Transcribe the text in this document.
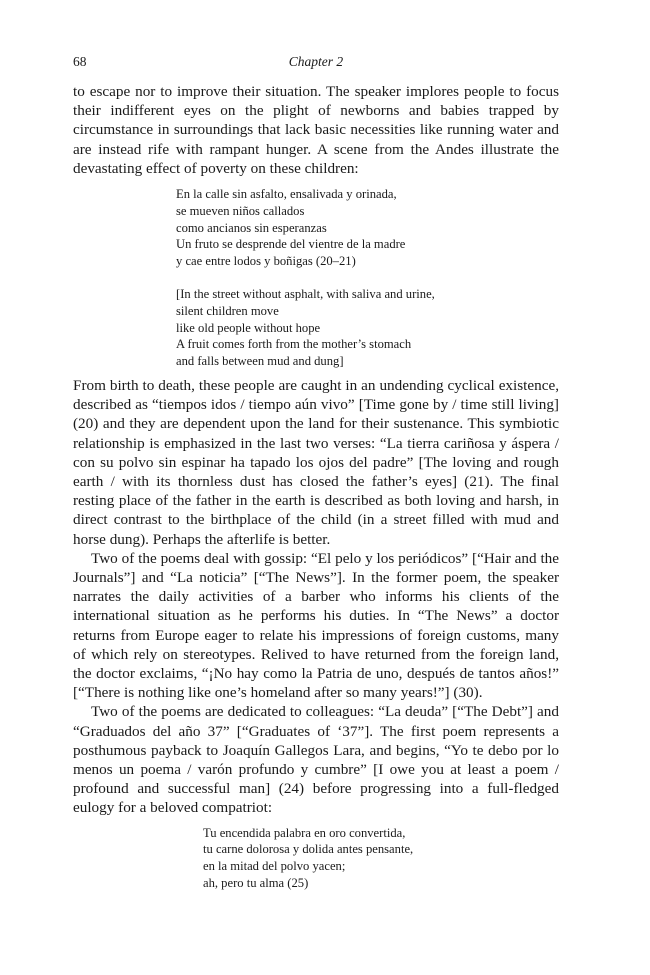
68	Chapter 2

to escape nor to improve their situation. The speaker implores people to focus their indifferent eyes on the plight of newborns and babies trapped by circumstance in surroundings that lack basic necessities like running water and are instead rife with rampant hunger. A scene from the Andes illustrate the devastating effect of poverty on these children:

En la calle sin asfalto, ensalivada y orinada,
se mueven niños callados
como ancianos sin esperanzas
Un fruto se desprende del vientre de la madre
y cae entre lodos y boñigas (20–21)
[In the street without asphalt, with saliva and urine,
silent children move
like old people without hope
A fruit comes forth from the mother’s stomach
and falls between mud and dung]

From birth to death, these people are caught in an undending cyclical existence, described as “tiempos idos / tiempo aún vivo” [Time gone by / time still living] (20) and they are dependent upon the land for their sustenance. This symbiotic relationship is emphasized in the last two verses: “La tierra cariñosa y áspera / con su polvo sin espinar ha tapado los ojos del padre” [The loving and rough earth / with its thornless dust has closed the father’s eyes] (21). The final resting place of the father in the earth is described as both loving and harsh, in direct contrast to the birthplace of the child (in a street filled with mud and horse dung). Perhaps the afterlife is better.

Two of the poems deal with gossip: “El pelo y los periódicos” [“Hair and the Journals”] and “La noticia” [“The News”]. In the former poem, the speaker narrates the daily activities of a barber who informs his clients of the international situation as he performs his duties. In “The News” a doctor returns from Europe eager to relate his impressions of foreign customs, many of which rely on stereotypes. Relived to have returned from the foreign land, the doctor exclaims, “¡No hay como la Patria de uno, después de tantos años!” [“There is nothing like one’s homeland after so many years!”] (30).

Two of the poems are dedicated to colleagues: “La deuda” [“The Debt”] and “Graduados del año 37” [“Graduates of ‘37”]. The first poem represents a posthumous payback to Joaquín Gallegos Lara, and begins, “Yo te debo por lo menos un poema / varón profundo y cumbre” [I owe you at least a poem / profound and successful man] (24) before progressing into a full-fledged eulogy for a beloved compatriot:

Tu encendida palabra en oro convertida,
tu carne dolorosa y dolida antes pensante,
en la mitad del polvo yacen;
ah, pero tu alma (25)
